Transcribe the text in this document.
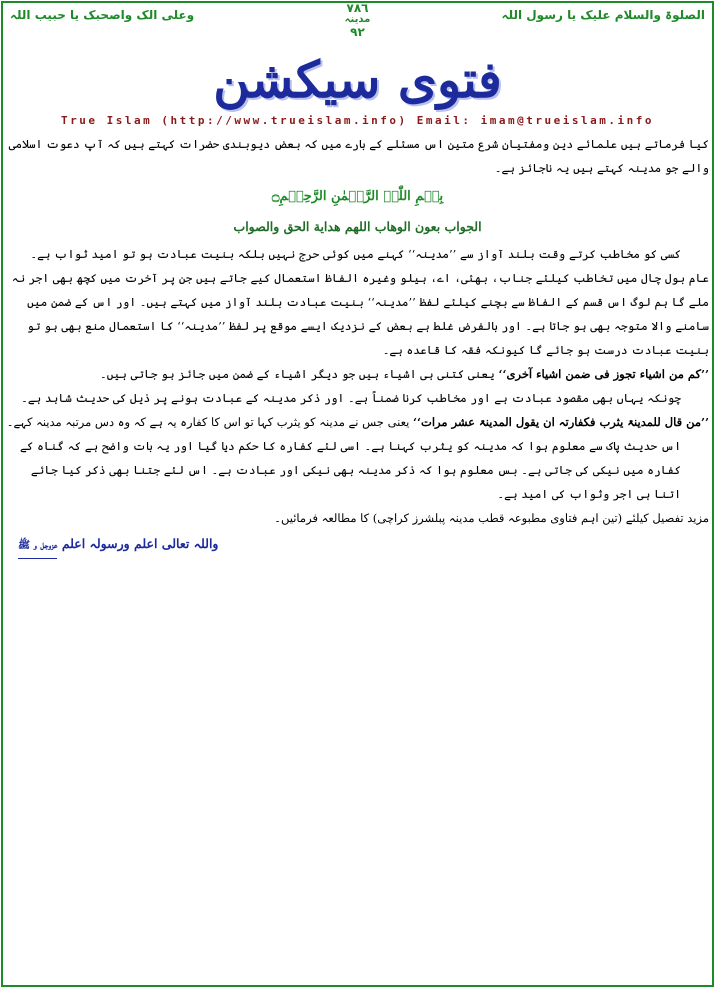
الصلوۃ والسلام علیک یا رسول اللہ
وعلی الک واصحبک یا حبیب اللہ	۷۸٦
مدینہ
۹۲
فتوی سیکشن
True Islam (http://www.trueislam.info) Email: imam@trueislam.info

کیا فرماتے ہیں علمائے دین ومفتیان شرع متین اس مسئلے کے بارے میں کہ بعض دیوبندی حضرات کہتے ہیں کہ آپ دعوت اسلامی والے جو مدینہ کہتے ہیں یہ ناجائز ہے۔

بِسۡمِ اللّٰہِ الرَّحۡمٰنِ الرَّحِیۡمِ۝
الجواب بعون الوهاب اللهم هداية الحق والصواب

کسی کو مخاطب کرتے وقت بلند آواز سے ’’مدینہ‘‘ کہنے میں کوئی حرج نہیں بلکہ بنیت عبادت ہو تو امید ثواب ہے۔

عام بول چال میں تخاطب کیلئے جناب، بھئی، اے، ہیلو وغیرہ الفاظ استعمال کیے جاتے ہیں جن پر آخرت میں کچھ بھی اجر نہ ملے گا ہم لوگ اس قسم کے الفاظ سے بچنے کیلئے لفظ ’’مدینہ‘‘ بنیت عبادت بلند آواز میں کہتے ہیں۔ اور اس کے ضمن میں سامنے والا متوجہ بھی ہو جاتا ہے۔ اور بالفرض غلط ہے بعض کے نزدیک ایسے موقع پر لفظ ’’مدینہ‘‘ کا استعمال منع بھی ہو تو بنیت عبادت درست ہو جائے گا کیونکہ فقہ کا قاعدہ ہے۔

’’کم من اشیاء تجوز فی ضمن اشیاء آخری‘‘ یعنی کتنی ہی اشیاء ہیں جو دیگر اشیاء کے ضمن میں جائز ہو جاتی ہیں۔

چونکہ یہاں بھی مقصود عبادت ہے اور مخاطب کرنا ضمناً ہے۔ اور ذکر مدینہ کے عبادت ہونے پر ذیل کی حدیث شاہد ہے۔

’’من قال للمدینۃ یثرب فکفارتہ ان یقول المدینۃ عشر مرات‘‘ یعنی جس نے مدینہ کو یثرب کہا تو اس کا کفارہ یہ ہے کہ وہ دس مرتبہ مدینہ کہے۔

اس حدیث پاک سے معلوم ہوا کہ مدینہ کو یثرب کہنا ہے۔ اسی لئے کفارہ کا حکم دیا گیا اور یہ بات واضح ہے کہ گناہ کے کفارہ میں نیکی کی جاتی ہے۔ بس معلوم ہوا کہ ذکر مدینہ بھی نیکی اور عبادت ہے۔ اس لئے جتنا بھی ذکر کیا جائے اتنا ہی اجر وثواب کی امید ہے۔

مزید تفصیل کیلئے (تین اہم فتاوی مطبوعہ قطب مدینہ پبلشرز کراچی) کا مطالعہ فرمائیں۔

واللہ تعالی اعلم ورسولہ اعلم عزوجل و ﷺ
